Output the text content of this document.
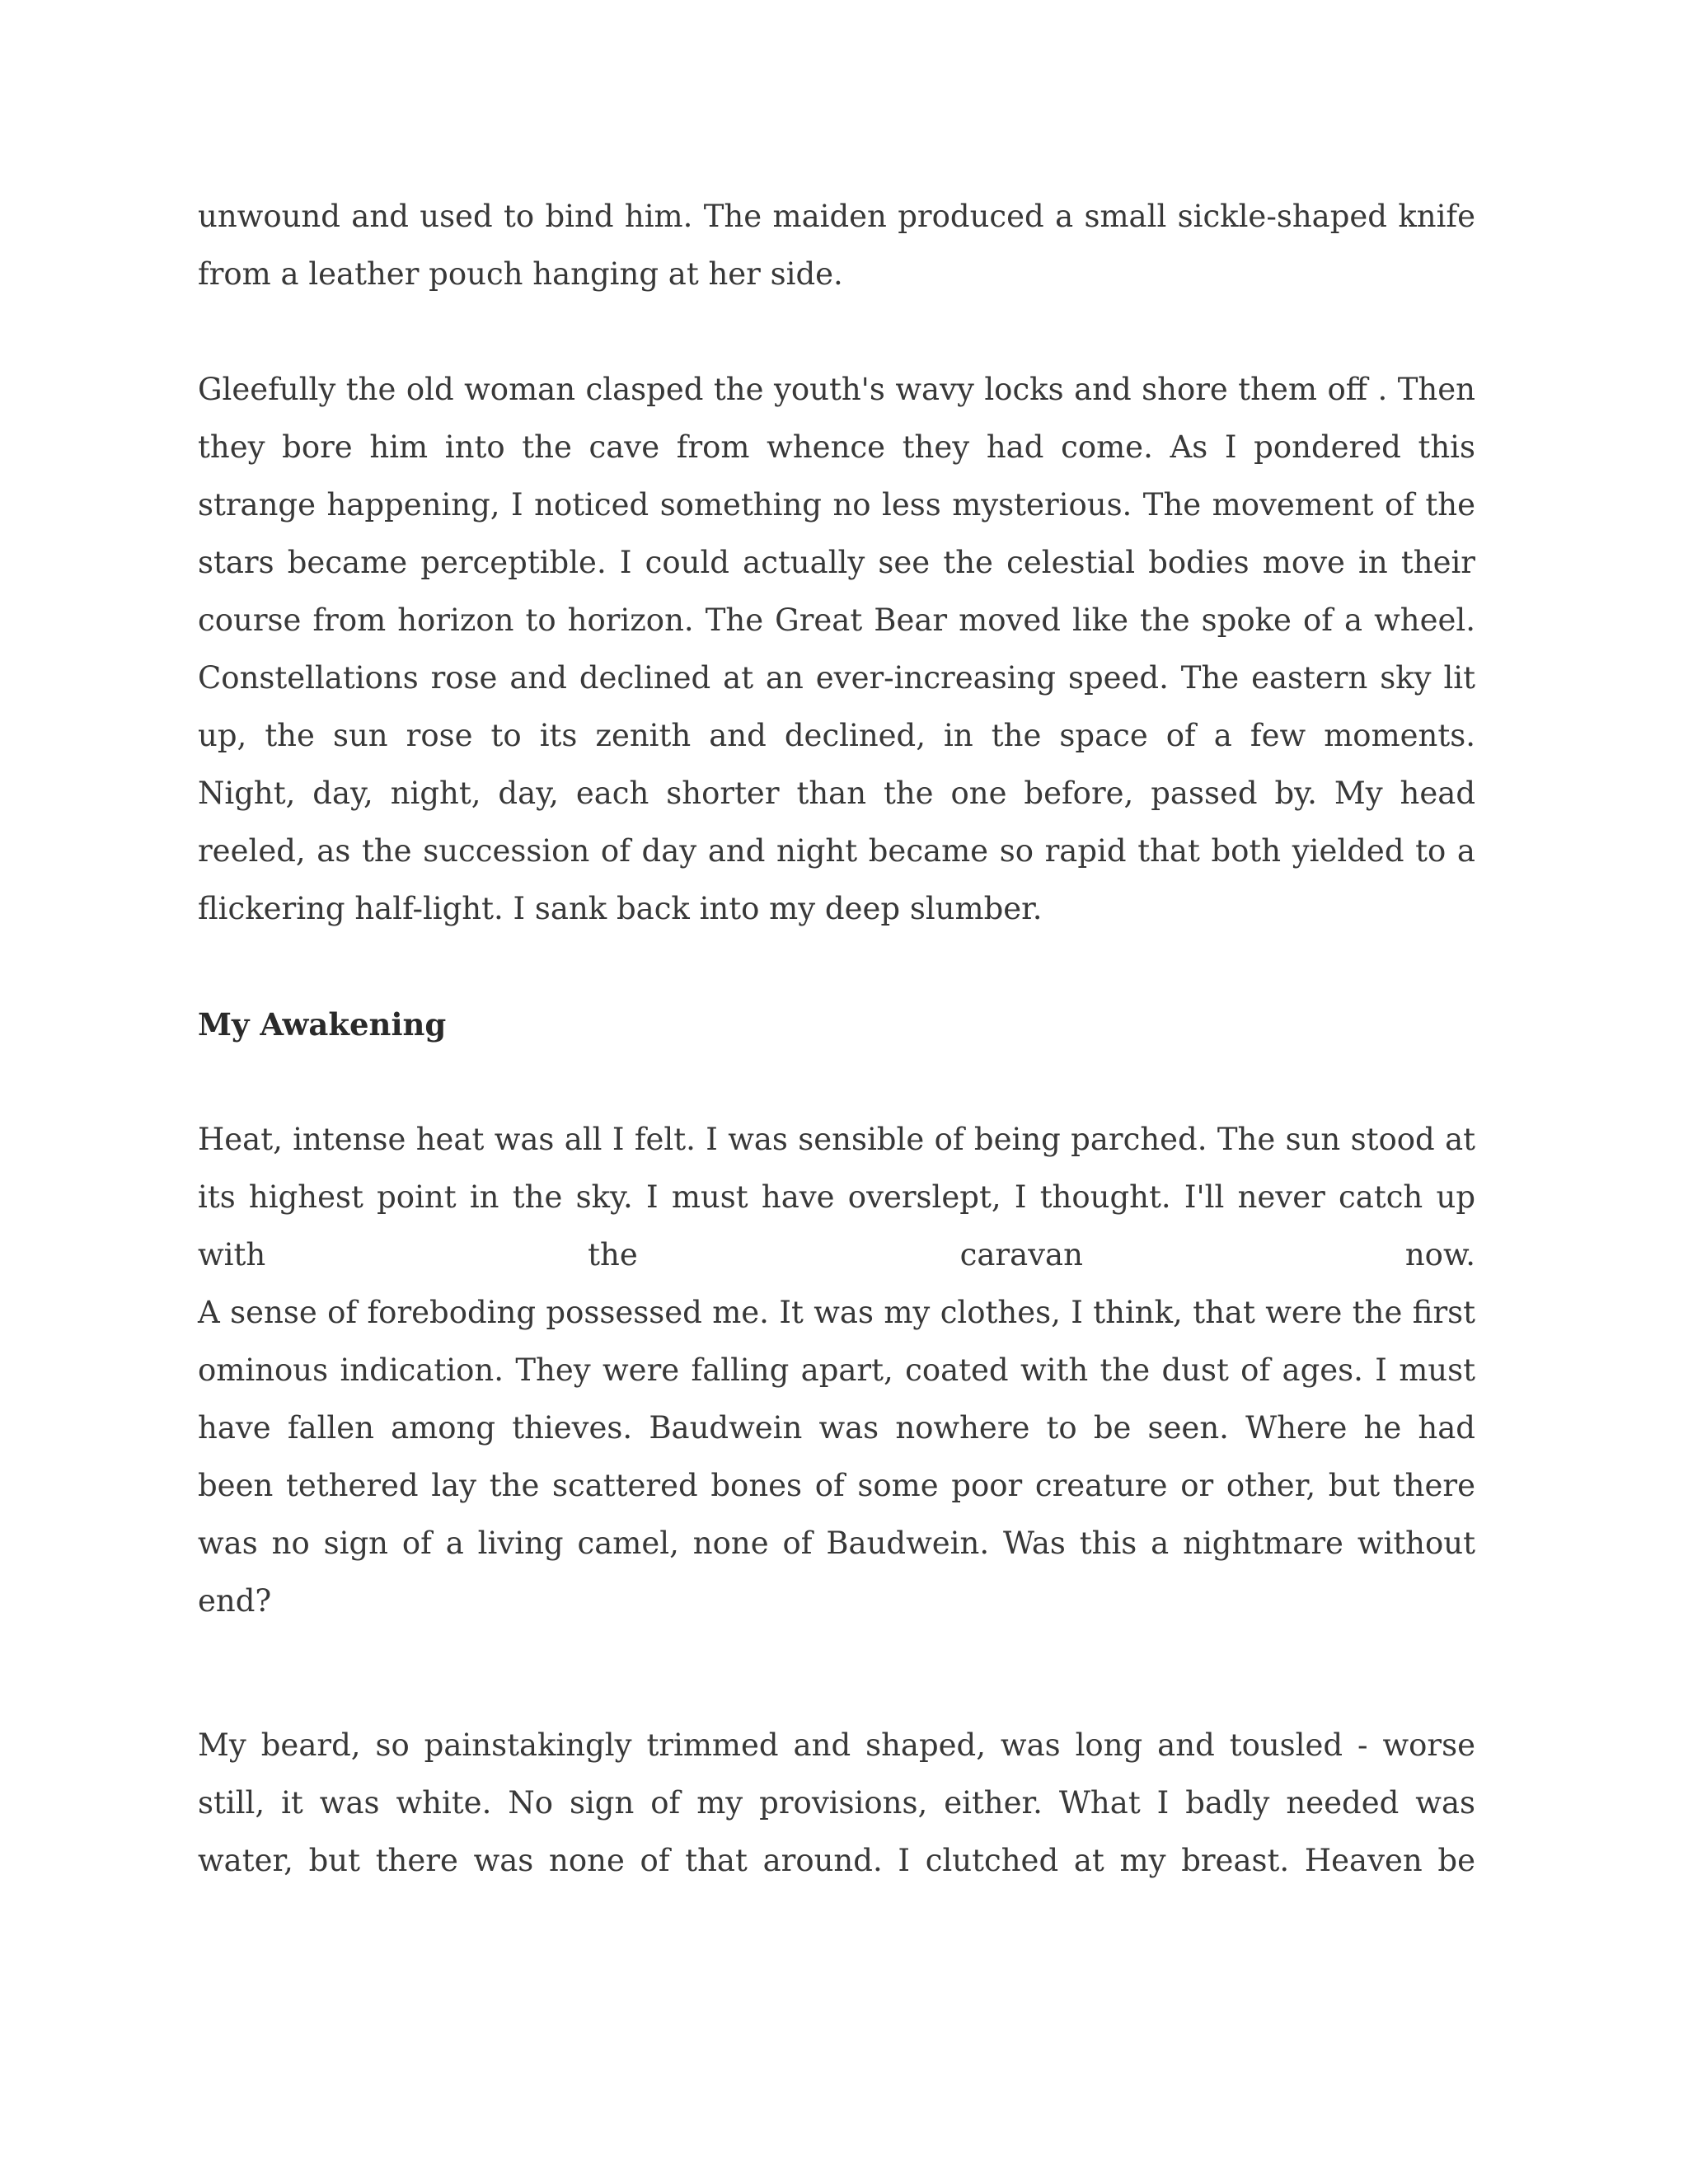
unwound and used to bind him. The maiden produced a small sickle-shaped knife from a leather pouch hanging at her side.

Gleefully the old woman clasped the youth's wavy locks and shore them off . Then they bore him into the cave from whence they had come. As I pondered this strange happening, I noticed something no less mysterious. The movement of the stars became perceptible. I could actually see the celestial bodies move in their course from horizon to horizon. The Great Bear moved like the spoke of a wheel. Constellations rose and declined at an ever-increasing speed. The eastern sky lit up, the sun rose to its zenith and declined, in the space of a few moments.

Night, day, night, day, each shorter than the one before, passed by. My head reeled, as the succession of day and night became so rapid that both yielded to a flickering half-light. I sank back into my deep slumber.

My Awakening

Heat, intense heat was all I felt. I was sensible of being parched. The sun stood at its highest point in the sky. I must have overslept, I thought. I'll never catch up with the caravan now.

A sense of foreboding possessed me. It was my clothes, I think, that were the first ominous indication. They were falling apart, coated with the dust of ages. I must have fallen among thieves. Baudwein was nowhere to be seen. Where he had been tethered lay the scattered bones of some poor creature or other, but there was no sign of a living camel, none of Baudwein. Was this a nightmare without end?

My beard, so painstakingly trimmed and shaped, was long and tousled - worse still, it was white. No sign of my provisions, either. What I badly needed was water, but there was none of that around. I clutched at my breast. Heaven be
